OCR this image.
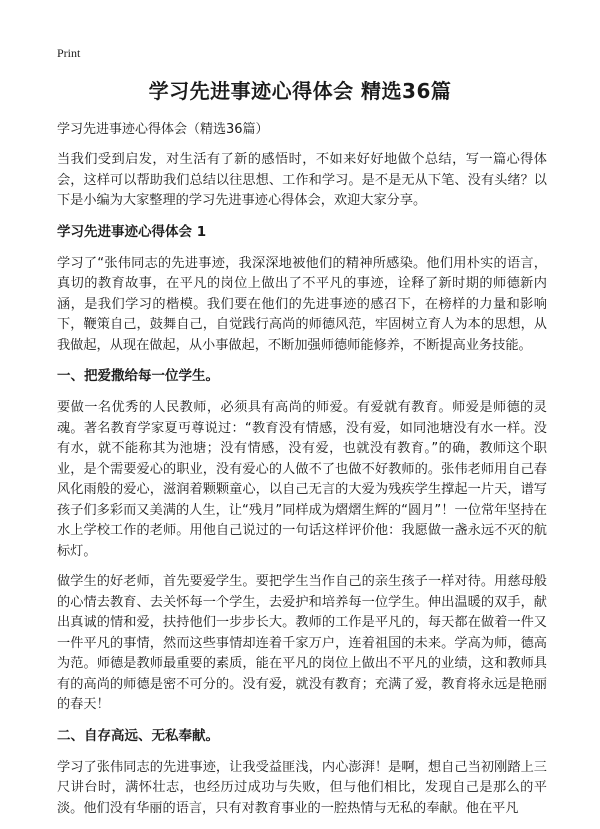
Print
学习先进事迹心得体会 精选36篇

学习先进事迹心得体会（精选36篇）

当我们受到启发，对生活有了新的感悟时，不如来好好地做个总结，写一篇心得体会，这样可以帮助我们总结以往思想、工作和学习。是不是无从下笔、没有头绪？以下是小编为大家整理的学习先进事迹心得体会，欢迎大家分享。

学习先进事迹心得体会 1

学习了“张伟同志的先进事迹，我深深地被他们的精神所感染。他们用朴实的语言，真切的教育故事，在平凡的岗位上做出了不平凡的事迹，诠释了新时期的师德新内涵，是我们学习的楷模。我们要在他们的先进事迹的感召下，在榜样的力量和影响下，鞭策自己，鼓舞自己，自觉践行高尚的师德风范，牢固树立育人为本的思想，从我做起，从现在做起，从小事做起，不断加强师德师能修养，不断提高业务技能。

一、把爱撒给每一位学生。

要做一名优秀的人民教师，必须具有高尚的师爱。有爱就有教育。师爱是师德的灵魂。著名教育学家夏丏尊说过：“教育没有情感，没有爱，如同池塘没有水一样。没有水，就不能称其为池塘；没有情感，没有爱，也就没有教育。”的确，教师这个职业，是个需要爱心的职业，没有爱心的人做不了也做不好教师的。张伟老师用自己春风化雨般的爱心，滋润着颗颗童心，以自己无言的大爱为残疾学生撑起一片天，谱写孩子们多彩而又美满的人生，让“残月”同样成为熠熠生辉的“圆月”！一位常年坚持在水上学校工作的老师。用他自己说过的一句话这样评价他：我愿做一盏永远不灭的航标灯。

做学生的好老师，首先要爱学生。要把学生当作自己的亲生孩子一样对待。用慈母般的心情去教育、去关怀每一个学生，去爱护和培养每一位学生。伸出温暖的双手，献出真诚的情和爱，扶持他们一步步长大。教师的工作是平凡的，每天都在做着一件又一件平凡的事情，然而这些事情却连着千家万户，连着祖国的未来。学高为师，德高为范。师德是教师最重要的素质，能在平凡的岗位上做出不平凡的业绩，这和教师具有的高尚的师德是密不可分的。没有爱，就没有教育；充满了爱，教育将永远是艳丽的春天！

二、自存高远、无私奉献。

学习了张伟同志的先进事迹，让我受益匪浅，内心澎湃！是啊，想自己当初刚踏上三尺讲台时，满怀壮志，也经历过成功与失败，但与他们相比，发现自己是那么的平淡。他们没有华丽的语言，只有对教育事业的一腔热情与无私的奉献。他在平凡
